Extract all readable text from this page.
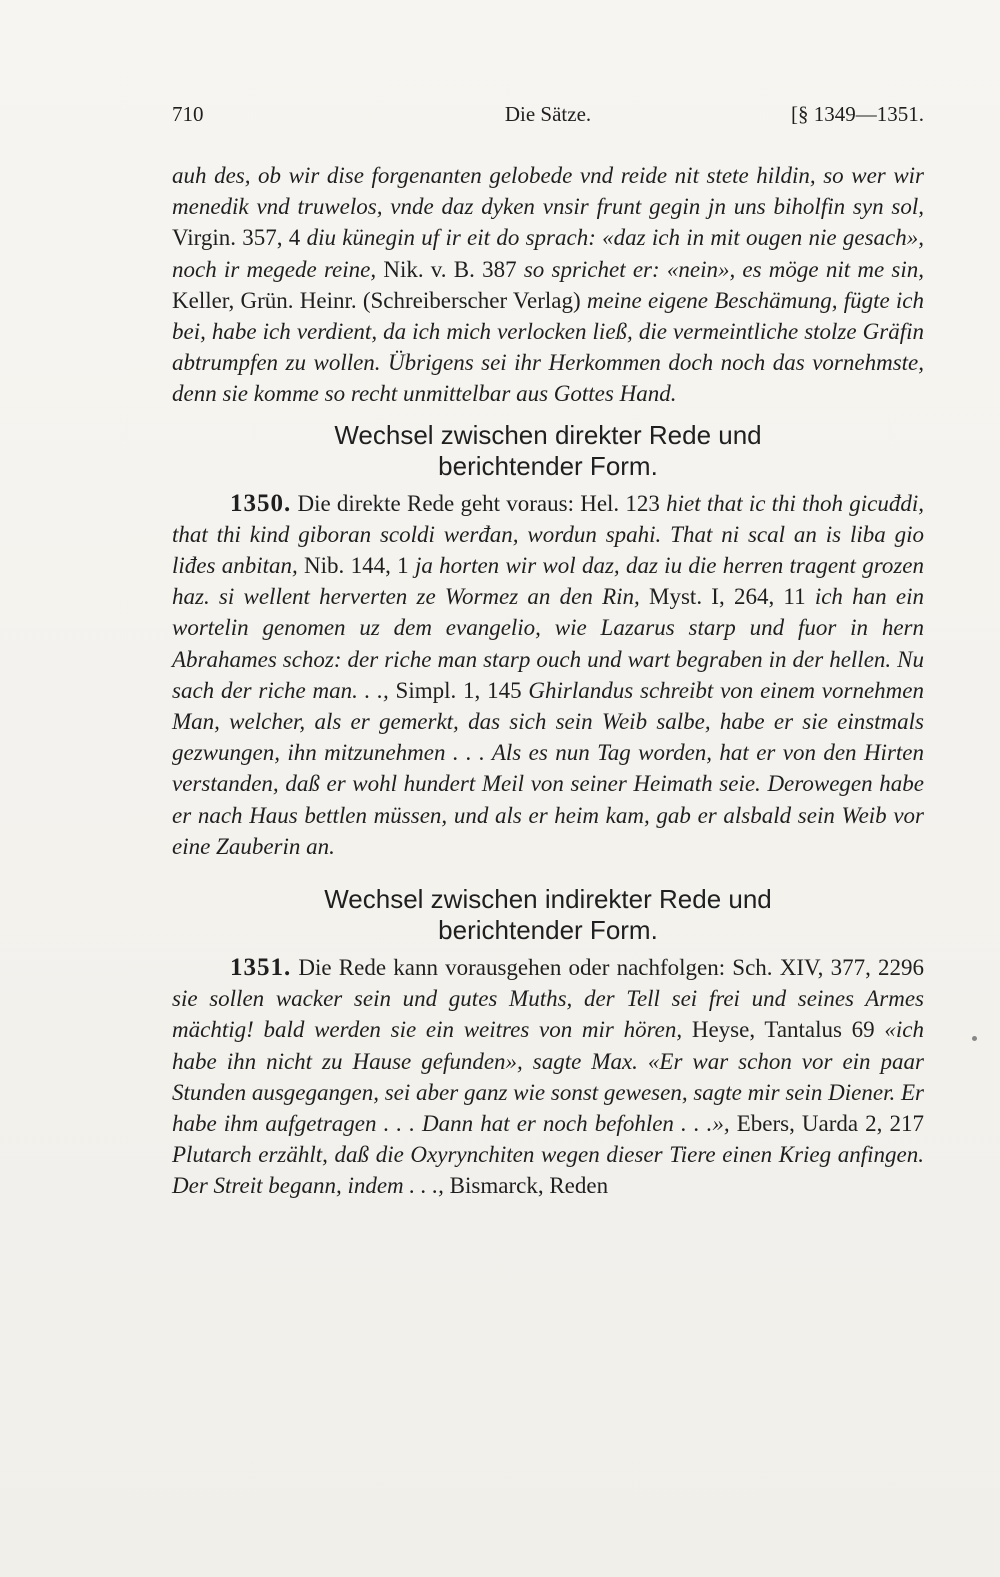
710	Die Sätze.	[§ 1349—1351.

auh des, ob wir dise forgenanten gelobede vnd reide nit stete hildin, so wer wir menedik vnd truwelos, vnde daz dyken vnsir frunt gegin jn uns biholfin syn sol, Virgin. 357, 4 diu künegin uf ir eit do sprach: «daz ich in mit ougen nie gesach», noch ir megede reine, Nik. v. B. 387 so sprichet er: «nein», es möge nit me sin, Keller, Grün. Heinr. (Schreiberscher Verlag) meine eigene Beschämung, fügte ich bei, habe ich verdient, da ich mich verlocken ließ, die vermeintliche stolze Gräfin abtrumpfen zu wollen. Übrigens sei ihr Herkommen doch noch das vornehmste, denn sie komme so recht unmittelbar aus Gottes Hand.

Wechsel zwischen direkter Rede und
berichtender Form.

1350. Die direkte Rede geht voraus: Hel. 123 hiet that ic thi thoh gicuđdi, that thi kind giboran scoldi werđan, wordun spahi. That ni scal an is liba gio liđes anbitan, Nib. 144, 1 ja horten wir wol daz, daz iu die herren tragent grozen haz. si wellent herverten ze Wormez an den Rin, Myst. I, 264, 11 ich han ein wortelin genomen uz dem evangelio, wie Lazarus starp und fuor in hern Abrahames schoz: der riche man starp ouch und wart begraben in der hellen. Nu sach der riche man. . ., Simpl. 1, 145 Ghirlandus schreibt von einem vornehmen Man, welcher, als er gemerkt, das sich sein Weib salbe, habe er sie einstmals gezwungen, ihn mitzunehmen . . . Als es nun Tag worden, hat er von den Hirten verstanden, daß er wohl hundert Meil von seiner Heimath seie. Derowegen habe er nach Haus bettlen müssen, und als er heim kam, gab er alsbald sein Weib vor eine Zauberin an.

Wechsel zwischen indirekter Rede und
berichtender Form.

1351. Die Rede kann vorausgehen oder nachfolgen: Sch. XIV, 377, 2296 sie sollen wacker sein und gutes Muths, der Tell sei frei und seines Armes mächtig! bald werden sie ein weitres von mir hören, Heyse, Tantalus 69 «ich habe ihn nicht zu Hause gefunden», sagte Max. «Er war schon vor ein paar Stunden ausgegangen, sei aber ganz wie sonst gewesen, sagte mir sein Diener. Er habe ihm aufgetragen . . . Dann hat er noch befohlen . . .», Ebers, Uarda 2, 217 Plutarch erzählt, daß die Oxyrynchiten wegen dieser Tiere einen Krieg anfingen. Der Streit begann, indem . . ., Bismarck, Reden
